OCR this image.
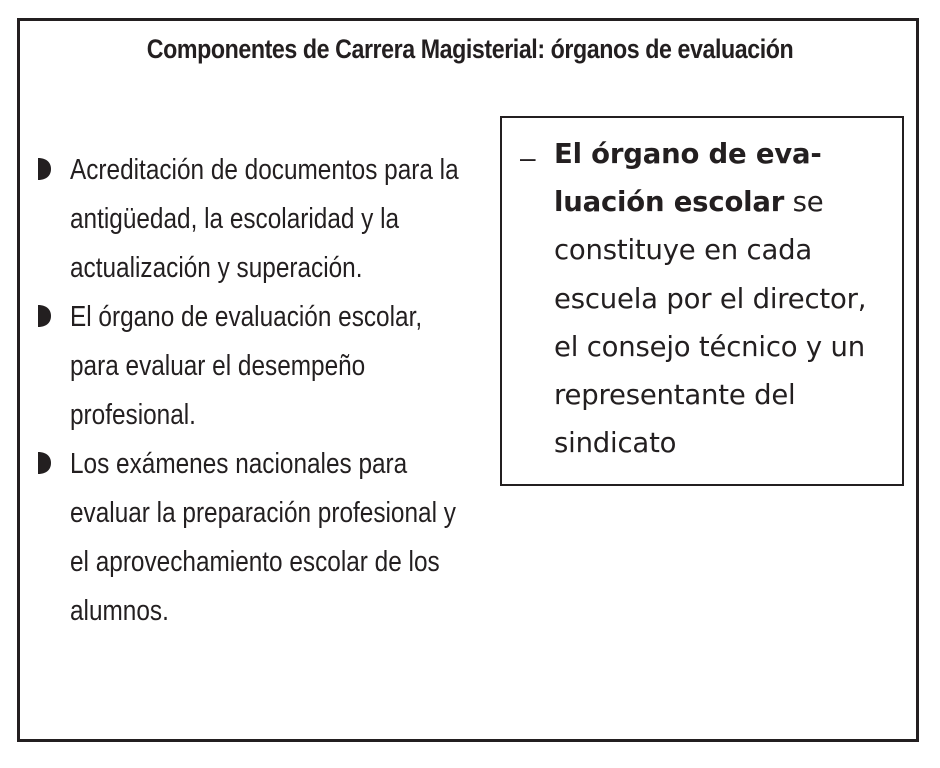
Componentes de Carrera Magisterial: órganos de evaluación
Acreditación de documentos para la antigüedad, la escolaridad y la actualización y superación.
El órgano de evaluación escolar, para evaluar el desempeño profesional.
Los exámenes nacionales para evaluar la preparación profesional y el aprovechamiento escolar de los alumnos.
– El órgano de eva-luación escolar se constituye en cada escuela por el director, el consejo técnico y un representante del sindicato
